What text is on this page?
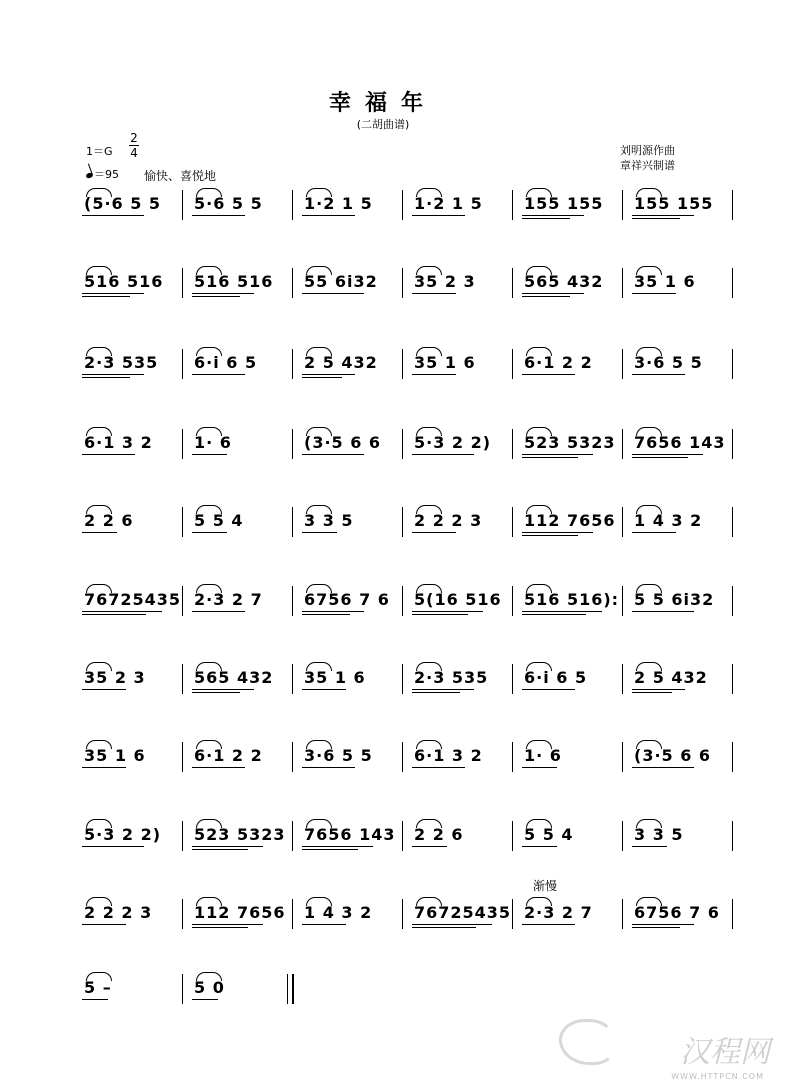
幸福年
(二胡曲谱)
1＝G
2
4
＝95 愉快、喜悦地
刘明源作曲
章祥兴制谱
(5·6 5 5 5·6 5 5	1·2 1 5	1·2 1 5	155 155 155 155
516 516 516 516 55 6i32 35 2 3	565 432 35 1 6
2·3 535 6·i 6 5	2 5 432 35 1 6	6·1 2 2	3·6 5 5
6·1 3 2	1· 6	(3·5 6 6 5·3 2 2) 523 5323 7656 143
2 2 6	5 5 4	3 3 5	2 2 2 3	112 7656 1 4 3 2
76725435 2·3 2 7	6756 7 6 5(16 516 516 516): 5 5 6i32
35 2 3	565 432 35 1 6	2·3 535 6·i 6 5	2 5 432
35 1 6	6·1 2 2	3·6 5 5	6·1 3 2	1· 6	(3·5 6 6
5·3 2 2) 523 5323 7656 143 2 2 6	5 5 4	3 3 5
2 2 2 3	112 7656 1 4 3 2	76725435 2·3 2 7	6756 7 6
5 –	5 0
渐慢
汉程网
WWW.HTTPCN.COM
